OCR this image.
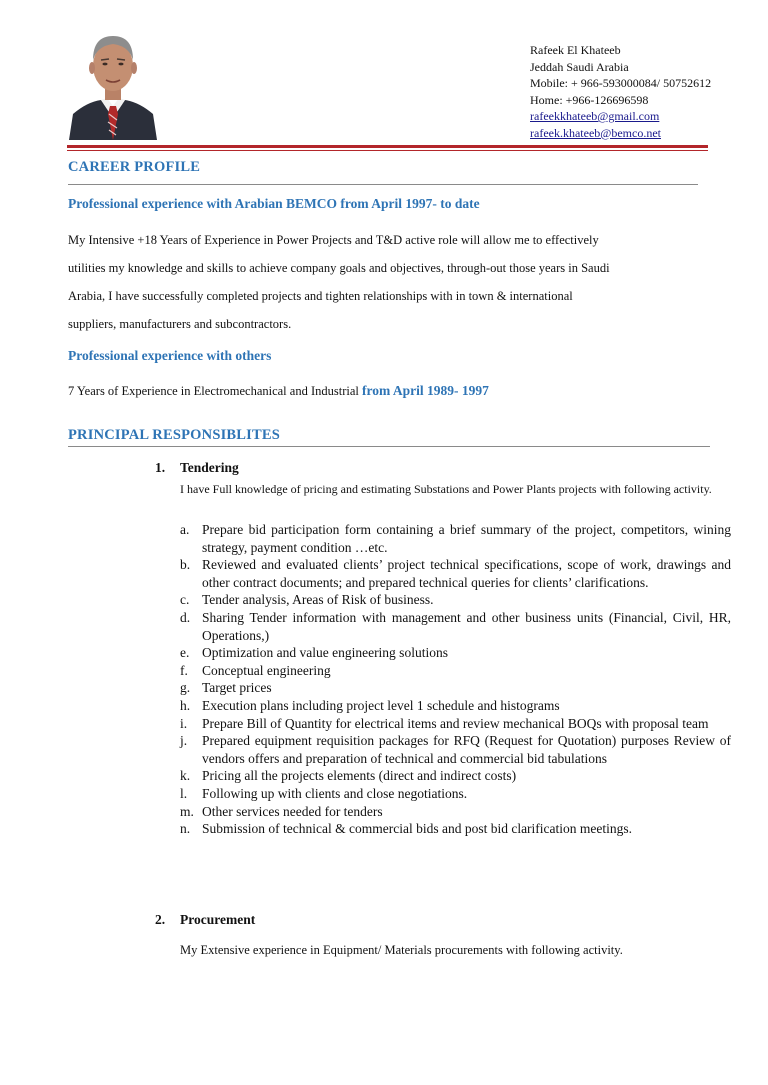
Rafeek El Khateeb
Jeddah Saudi Arabia
Mobile: + 966-593000084/ 50752612
Home: +966-126696598
rafeekkhateeb@gmail.com
rafeek.khateeb@bemco.net
CAREER PROFILE
Professional experience with Arabian BEMCO from April 1997- to date

My Intensive +18 Years of Experience in Power Projects and T&D active role will allow me to effectively

utilities my knowledge and skills to achieve company goals and objectives, through-out those years in Saudi

Arabia, I have successfully completed projects and tighten relationships with in town & international

suppliers, manufacturers and subcontractors.

Professional experience with others
7 Years of Experience in Electromechanical and Industrial from April 1989- 1997
PRINCIPAL RESPONSIBLITES
1. Tendering
I have Full knowledge of pricing and estimating Substations and Power Plants projects with following activity.
a. Prepare bid participation form containing a brief summary of the project, competitors, wining strategy, payment condition …etc.
b. Reviewed and evaluated clients’ project technical specifications, scope of work, drawings and other contract documents; and prepared technical queries for clients’ clarifications.
c. Tender analysis, Areas of Risk of business.
d. Sharing Tender information with management and other business units (Financial, Civil, HR, Operations,)
e. Optimization and value engineering solutions
f. Conceptual engineering
g. Target prices
h. Execution plans including project level 1 schedule and histograms
i. Prepare Bill of Quantity for electrical items and review mechanical BOQs with proposal team
j. Prepared equipment requisition packages for RFQ (Request for Quotation) purposes Review of vendors offers and preparation of technical and commercial bid tabulations
k. Pricing all the projects elements (direct and indirect costs)
l. Following up with clients and close negotiations.
m. Other services needed for tenders
n. Submission of technical & commercial bids and post bid clarification meetings.
2. Procurement
My Extensive experience in Equipment/ Materials procurements with following activity.
